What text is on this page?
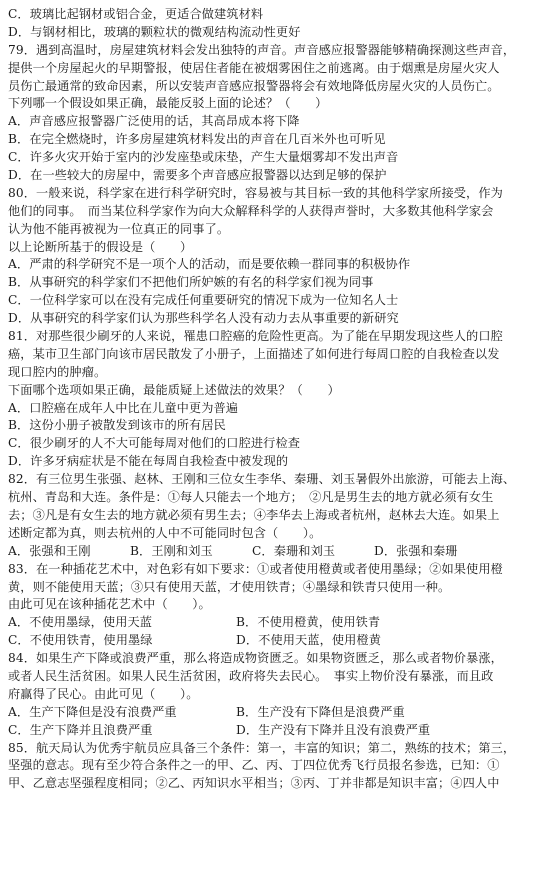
C．玻璃比起钢材或铝合金，更适合做建筑材料
D．与钢材相比，玻璃的颗粒状的微观结构流动性更好
79．遇到高温时，房屋建筑材料会发出独特的声音。声音感应报警器能够精确探测这些声音，
提供一个房屋起火的早期警报，使居住者能在被烟雾困住之前逃离。由于烟熏是房屋火灾人
员伤亡最通常的致命因素，所以安装声音感应报警器将会有效地降低房屋火灾的人员伤亡。
下列哪一个假设如果正确，最能反驳上面的论述？（　　）
A．声音感应报警器广泛使用的话，其高昂成本将下降
B．在完全燃烧时，许多房屋建筑材料发出的声音在几百米外也可听见
C．许多火灾开始于室内的沙发座垫或床垫，产生大量烟雾却不发出声音
D．在一些较大的房屋中，需要多个声音感应报警器以达到足够的保护
80．一般来说，科学家在进行科学研究时，容易被与其目标一致的其他科学家所接受，作为
他们的同事。　而当某位科学家作为向大众解释科学的人获得声誉时，大多数其他科学家会
认为他不能再被视为一位真正的同事了。
以上论断所基于的假设是（　　）
A．严肃的科学研究不是一项个人的活动，而是要依赖一群同事的积极协作
B．从事研究的科学家们不把他们所妒嫉的有名的科学家们视为同事
C．一位科学家可以在没有完成任何重要研究的情况下成为一位知名人士
D．从事研究的科学家们认为那些科学名人没有动力去从事重要的新研究
81．对那些很少刷牙的人来说，罹患口腔癌的危险性更高。为了能在早期发现这些人的口腔
癌，某市卫生部门向该市居民散发了小册子，上面描述了如何进行每周口腔的自我检查以发
现口腔内的肿瘤。
下面哪个选项如果正确，最能质疑上述做法的效果？（　　）
A．口腔癌在成年人中比在儿童中更为普遍
B．这份小册子被散发到该市的所有居民
C．很少刷牙的人不大可能每周对他们的口腔进行检查
D．许多牙病症状是不能在每周自我检查中被发现的
82．有三位男生张强、赵林、王刚和三位女生李华、秦珊、刘玉暑假外出旅游，可能去上海、
杭州、青岛和大连。条件是：①每人只能去一个地方；　②凡是男生去的地方就必须有女生
去；③凡是有女生去的地方就必须有男生去；④李华去上海或者杭州，赵林去大连。如果上
述断定都为真，则去杭州的人中不可能同时包含（　　）。
A．张强和王刚	B．王刚和刘玉	C．秦珊和刘玉	D．张强和秦珊
83．在一种插花艺术中，对色彩有如下要求：①或者使用橙黄或者使用墨绿；②如果使用橙
黄，则不能使用天蓝；③只有使用天蓝，才使用铁青；④墨绿和铁青只使用一种。
由此可见在该种插花艺术中（　　）。
A．不使用墨绿，使用天蓝	B．不使用橙黄，使用铁青
C．不使用铁青，使用墨绿	D．不使用天蓝，使用橙黄
84．如果生产下降或浪费严重，那么将造成物资匮乏。如果物资匮乏，那么或者物价暴涨，
或者人民生活贫困。如果人民生活贫困，政府将失去民心。　事实上物价没有暴涨，而且政
府赢得了民心。由此可见（　　）。
A．生产下降但是没有浪费严重	B．生产没有下降但是浪费严重
C．生产下降并且浪费严重	D．生产没有下降并且没有浪费严重
85．航天局认为优秀宇航员应具备三个条件：第一，丰富的知识；第二，熟练的技术；第三，
坚强的意志。现有至少符合条件之一的甲、乙、丙、丁四位优秀飞行员报名参选，已知：①
甲、乙意志坚强程度相同；②乙、丙知识水平相当；③丙、丁并非都是知识丰富；④四人中
